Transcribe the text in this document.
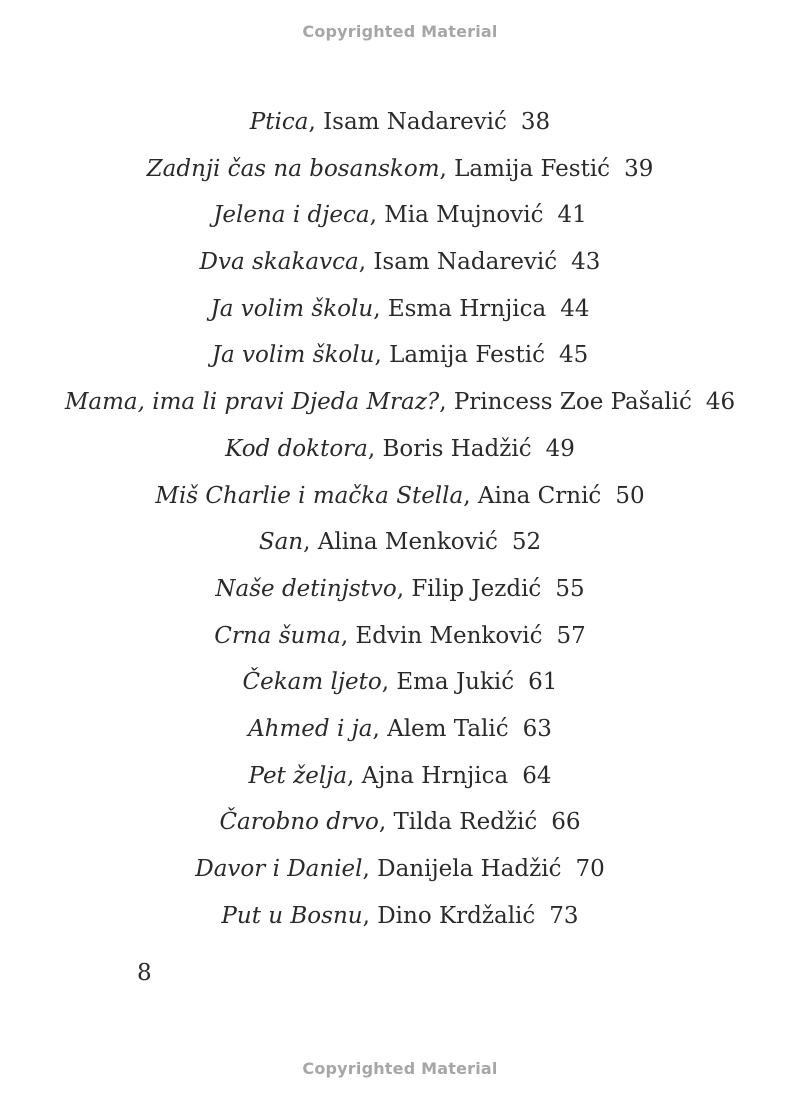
Copyrighted Material
Ptica, Isam Nadarević 38
Zadnji čas na bosanskom, Lamija Festić 39
Jelena i djeca, Mia Mujnović 41
Dva skakavca, Isam Nadarević 43
Ja volim školu, Esma Hrnjica 44
Ja volim školu, Lamija Festić 45
Mama, ima li pravi Djeda Mraz?, Princess Zoe Pašalić 46
Kod doktora, Boris Hadžić 49
Miš Charlie i mačka Stella, Aina Crnić 50
San, Alina Menković 52
Naše detinjstvo, Filip Jezdić 55
Crna šuma, Edvin Menković 57
Čekam ljeto, Ema Jukić 61
Ahmed i ja, Alem Talić 63
Pet želja, Ajna Hrnjica 64
Čarobno drvo, Tilda Redžić 66
Davor i Daniel, Danijela Hadžić 70
Put u Bosnu, Dino Krdžalić 73
8
Copyrighted Material
